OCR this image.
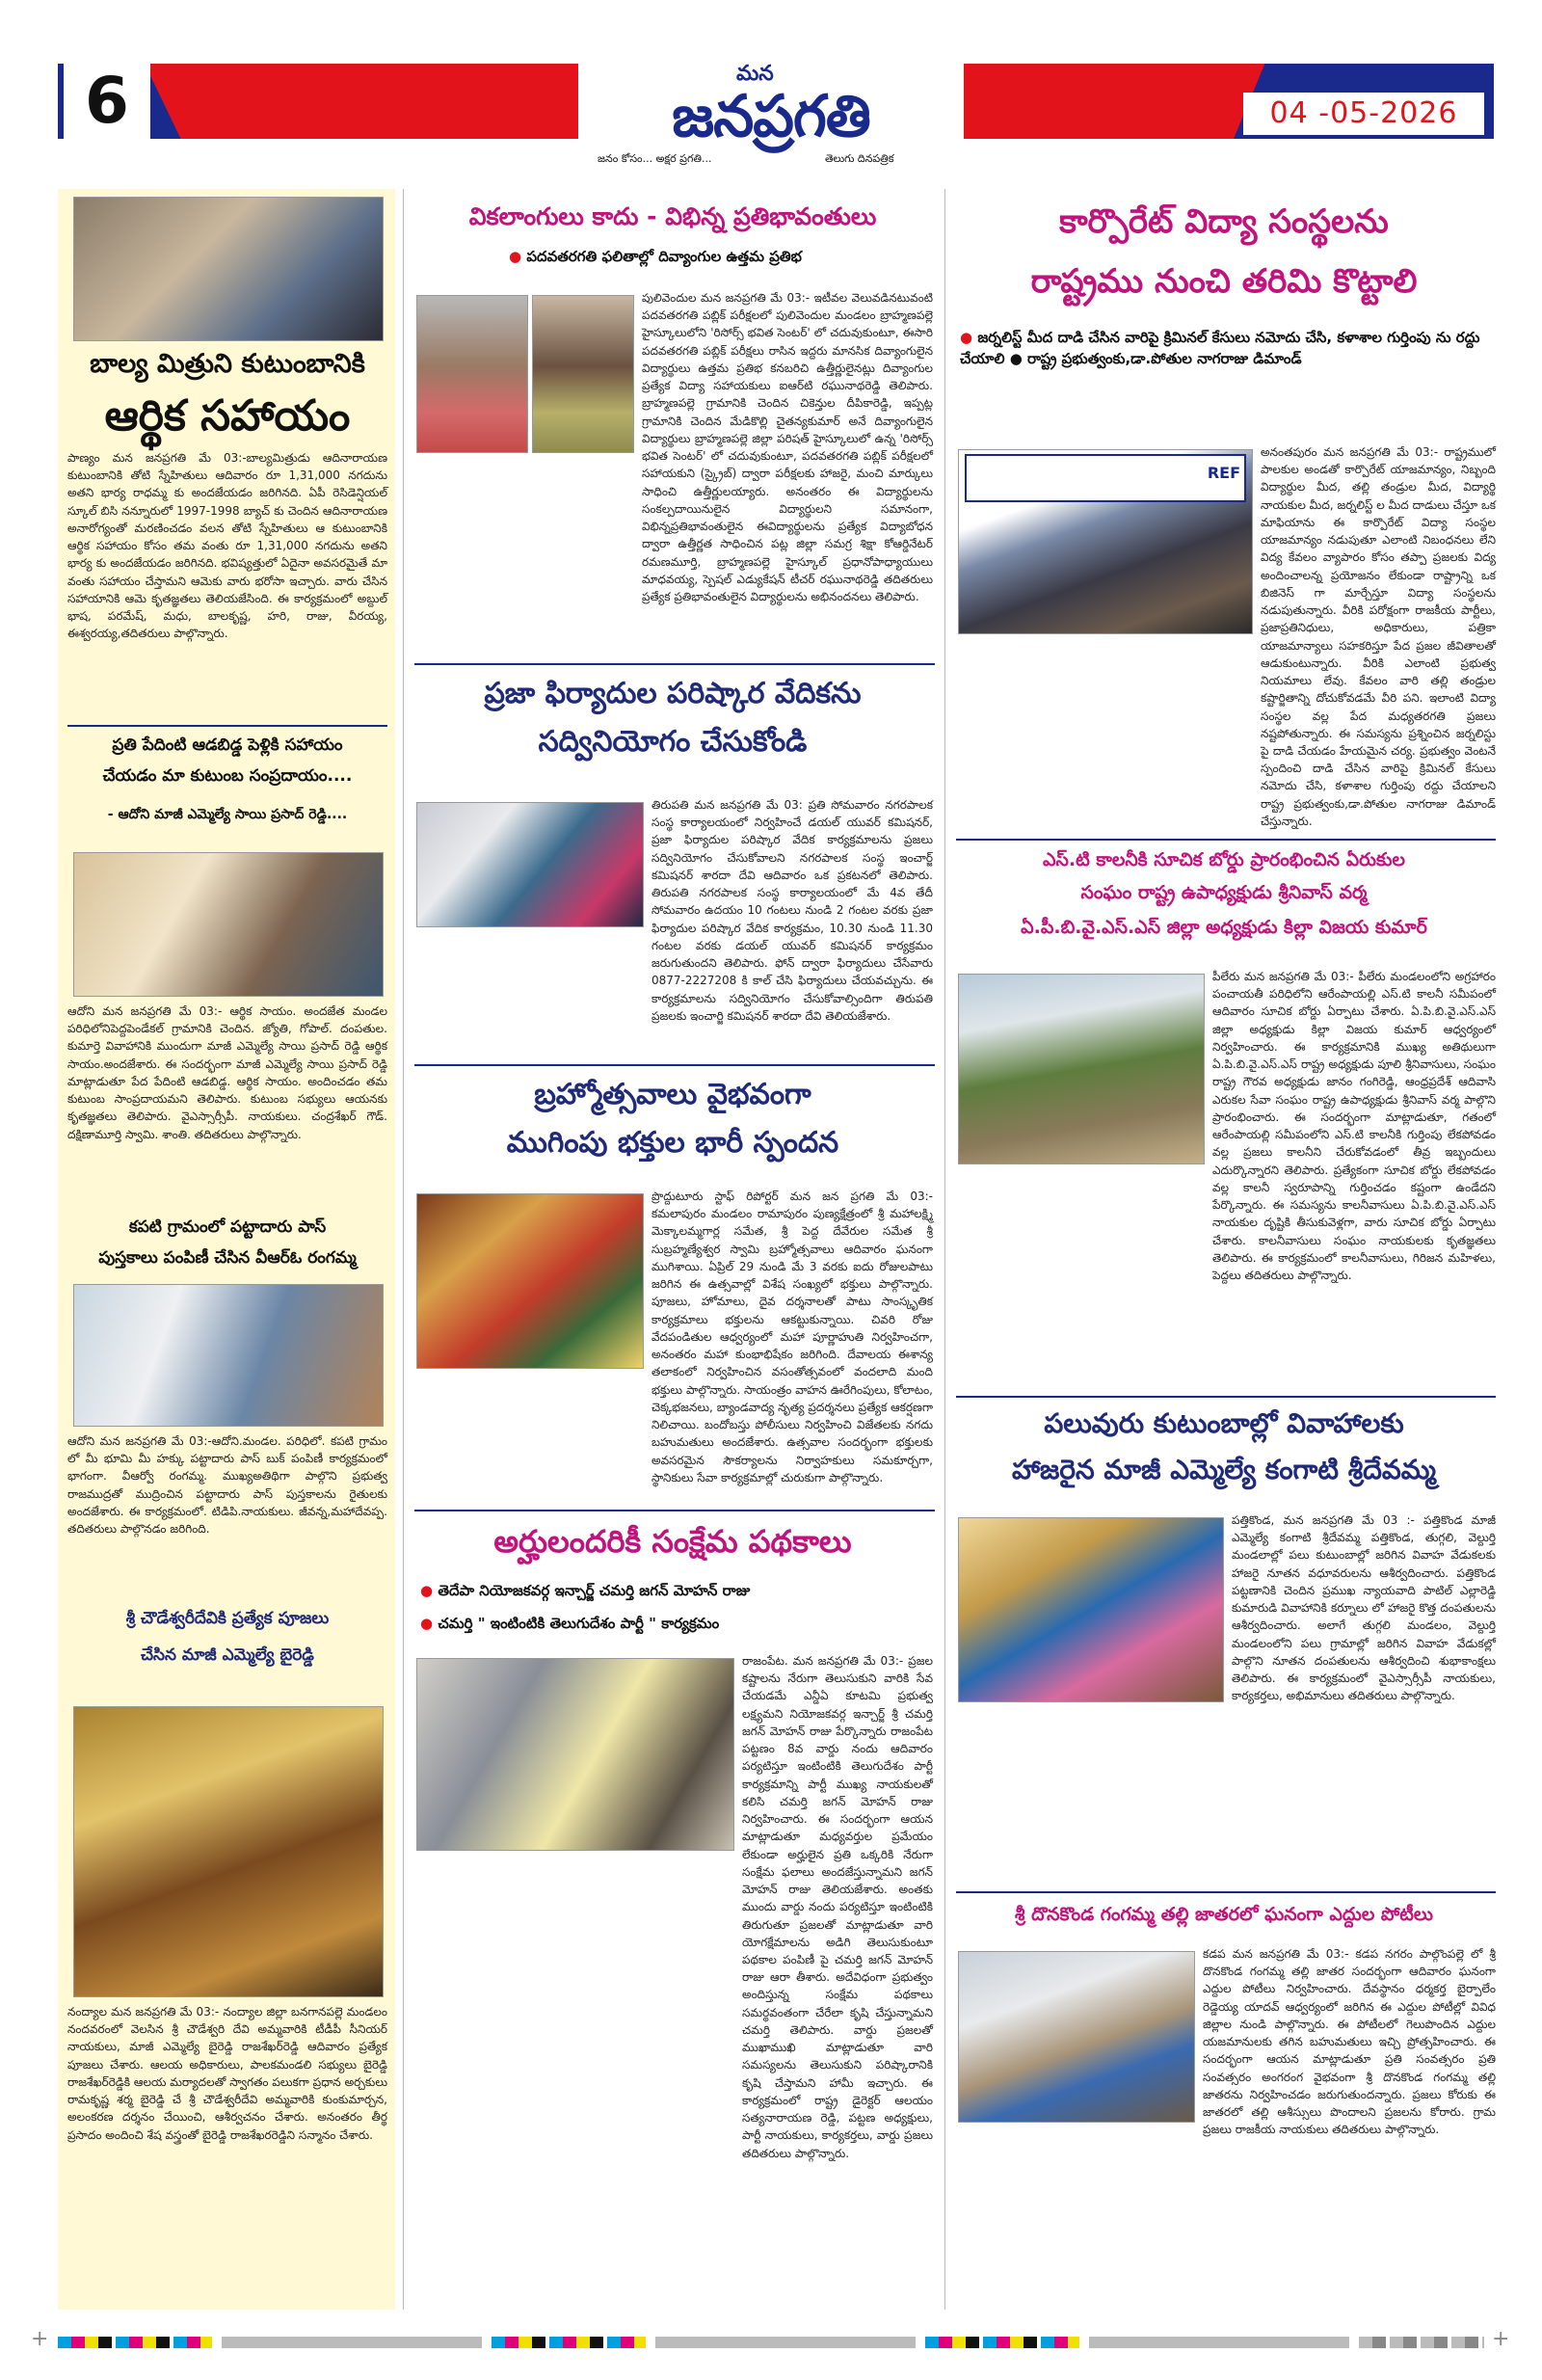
6	మన
జనప్రగతి
జనం కోసం... అక్షర ప్రగతి...	తెలుగు దినపత్రిక
04 -05-2026
బాల్య మిత్రుని కుటుంబానికి
ఆర్థిక సహాయం
పాణ్యం మన జనప్రగతి మే 03:-బాల్యమిత్రుడు ఆదినారాయణ కుటుంబానికి తోటి స్నేహితులు ఆదివారం రూ 1,31,000 నగదును అతని భార్య రాధమ్మ కు అందజేయడం జరిగినది. ఏపీ రెసిడెన్షియల్ స్కూల్ బిసి నన్నూరులో 1997-1998 బ్యాచ్ కు చెందిన ఆదినారాయణ అనారోగ్యంతో మరణించడం వలన తోటి స్నేహితులు ఆ కుటుంబానికి ఆర్థిక సహాయం కోసం తమ వంతు రూ 1,31,000 నగదును అతని భార్య కు అందజేయడం జరిగినది. భవిష్యత్తులో ఏదైనా అవసరమైతే మా వంతు సహాయం చేస్తామని ఆమెకు వారు భరోసా ఇచ్చారు. వారు చేసిన సహాయానికి ఆమె కృతజ్ఞతలు తెలియజేసింది. ఈ కార్యక్రమంలో అబ్దుల్ భాష, పరమేష్, మధు, బాలకృష్ణ, హరి, రాజు, వీరయ్య, ఈశ్వరయ్య,తదితరులు పాల్గొన్నారు.
ప్రతి పేదింటి ఆడబిడ్డ పెళ్లికి సహాయం
చేయడం మా కుటుంబ సంప్రదాయం....
- ఆదోని మాజీ ఎమ్మెల్యే సాయి ప్రసాద్ రెడ్డి....
ఆదోని మన జనప్రగతి మే 03:- ఆర్థిక సాయం. అందజేత మండల పరిధిలోనిపెద్దపెండేకల్ గ్రామానికి చెందిన. జ్యోతి, గోపాల్. దంపతుల. కుమార్తె వివాహానికి ముందుగా మాజీ ఎమ్మెల్యే సాయి ప్రసాద్ రెడ్డి ఆర్థిక సాయం.అందజేశారు. ఈ సందర్భంగా మాజీ ఎమ్మెల్యే సాయి ప్రసాద్ రెడ్డి మాట్లాడుతూ పేద పేదింటి ఆడబిడ్డ. ఆర్థిక సాయం. అందించడం తమ కుటుంబ సాంప్రదాయమని తెలిపారు. కుటుంబ సభ్యులు ఆయనకు కృతజ్ఞతలు తెలిపారు. వైఎస్సార్సీపీ. నాయకులు. చంద్రశేఖర్ గౌడ్. దక్షిణామూర్తి స్వామి. శాంతి. తదితరులు పాల్గొన్నారు.
కపటి గ్రామంలో పట్టాదారు పాస్
పుస్తకాలు పంపిణీ చేసిన వీఆర్ఓ రంగమ్మ
ఆదోని మన జనప్రగతి మే 03:-ఆదోని.మండల. పరిధిలో. కపటి గ్రామం లో మీ భూమి మీ హక్కు పట్టాదారు పాస్ బుక్ పంపిణీ కార్యక్రమంలో భాగంగా. వీఆర్వో రంగమ్మ. ముఖ్యఅతిథిగా పాల్గొని ప్రభుత్వ రాజముద్రతో ముద్రించిన పట్టాదారు పాస్ పుస్తకాలను రైతులకు అందజేశారు. ఈ కార్యక్రమంలో. టిడిపి.నాయకులు. జీవన్న,మహాదేవప్ప. తదితరులు పాల్గొనడం జరిగింది.
శ్రీ చౌడేశ్వరీదేవికి ప్రత్యేక పూజలు
చేసిన మాజీ ఎమ్మెల్యే బైరెడ్డి
నంద్యాల మన జనప్రగతి మే 03:- నంద్యాల జిల్లా బనగానపల్లె మండలం నందవరంలో వెలసిన శ్రీ చౌడేశ్వరి దేవి అమ్మవారికి టీడీపీ సీనియర్ నాయకులు, మాజీ ఎమ్మెల్యే బైరెడ్డి రాజశేఖర్‌రెడ్డి ఆదివారం ప్రత్యేక పూజలు చేశారు. ఆలయ అధికారులు, పాలకమండలి సభ్యులు బైరెడ్డి రాజశేఖర్‌రెడ్డికి ఆలయ మర్యాదలతో స్వాగతం పలుకగా ప్రధాన అర్చకులు రామకృష్ణ శర్మ బైరెడ్డి చే శ్రీ చౌడేశ్వరీదేవి అమ్మవారికి కుంకుమార్చన, అలంకరణ దర్శనం చేయించి, ఆశీర్వచనం చేశారు. అనంతరం తీర్థ ప్రసాదం అందించి శేష వస్త్రంతో బైరెడ్డి రాజశేఖరరెడ్డిని సన్మానం చేశారు.
వికలాంగులు కాదు - విభిన్న ప్రతిభావంతులు
● పదవతరగతి ఫలితాల్లో దివ్యాంగుల ఉత్తమ ప్రతిభ
పులివెందుల మన జనప్రగతి మే 03:- ఇటీవల వెలువడినటువంటి పదవతరగతి పబ్లిక్ పరీక్షలలో పులివెందుల మండలం బ్రాహ్మణపల్లె హైస్కూలులోని 'రిసోర్స్ భవిత సెంటర్' లో చదువుకుంటూ, ఈసారి పదవతరగతి పబ్లిక్ పరీక్షలు రాసిన ఇద్దరు మానసిక దివ్యాంగులైన విద్యార్థులు ఉత్తమ ప్రతిభ కనబరిచి ఉత్తీర్ణులైనట్లు దివ్యాంగుల ప్రత్యేక విద్యా సహాయకులు ఐఆర్‌టి రఘునాథరెడ్డి తెలిపారు. బ్రాహ్మణపల్లె గ్రామానికి చెందిన చికెన్తుల దీపికారెడ్డి, ఇప్పట్ల గ్రామానికి చెందిన మేడికొల్లి చైతన్యకుమార్ అనే దివ్యాంగులైన విద్యార్థులు బ్రాహ్మణపల్లె జిల్లా పరిషత్ హైస్కూలులో ఉన్న 'రిసోర్స్ భవిత సెంటర్' లో చదువుకుంటూ, పదవతరగతి పబ్లిక్ పరీక్షలలో సహాయకుని (స్క్రైబ్) ద్వారా పరీక్షలకు హాజరై, మంచి మార్కులు సాధించి ఉత్తీర్ణులయ్యారు. అనంతరం ఈ విద్యార్థులను సంకల్పదాయినులైన విద్యార్థులని సమానంగా, విభిన్నప్రతిభావంతులైన ఈవిద్యార్థులను ప్రత్యేక విద్యాబోధన ద్వారా ఉత్తీర్ణత సాధించిన పట్ల జిల్లా సమగ్ర శిక్షా కోఆర్డినేటర్ రమణమూర్తి, బ్రాహ్మణపల్లె హైస్కూల్ ప్రధానోపాధ్యాయులు మాధవయ్య, స్పెషల్ ఎడ్యుకేషన్ టీచర్ రఘునాథరెడ్డి తదితరులు ప్రత్యేక ప్రతిభావంతులైన విద్యార్థులను అభినందనలు తెలిపారు.
ప్రజా ఫిర్యాదుల పరిష్కార వేదికను
సద్వినియోగం చేసుకోండి
తిరుపతి మన జనప్రగతి మే 03: ప్రతి సోమవారం నగరపాలక సంస్థ కార్యాలయంలో నిర్వహించే డయల్ యువర్ కమిషనర్, ప్రజా ఫిర్యాదుల పరిష్కార వేదిక కార్యక్రమాలను ప్రజలు సద్వినియోగం చేసుకోవాలని నగరపాలక సంస్థ ఇంచార్జ్ కమిషనర్ శారదా దేవి ఆదివారం ఒక ప్రకటనలో తెలిపారు. తిరుపతి నగరపాలక సంస్థ కార్యాలయంలో మే 4వ తేదీ సోమవారం ఉదయం 10 గంటలు నుండి 2 గంటల వరకు ప్రజా ఫిర్యాదుల పరిష్కార వేదిక కార్యక్రమం, 10.30 నుండి 11.30 గంటల వరకు డయల్ యువర్ కమిషనర్ కార్యక్రమం జరుగుతుందని తెలిపారు. ఫోన్ ద్వారా ఫిర్యాదులు చేసేవారు 0877-2227208 కి కాల్ చేసి ఫిర్యాదులు చేయవచ్చును. ఈ కార్యక్రమాలను సద్వినియోగం చేసుకోవాల్సిందిగా తిరుపతి ప్రజలకు ఇంచార్జి కమిషనర్ శారదా దేవి తెలియజేశారు.
బ్రహ్మోత్సవాలు వైభవంగా
ముగింపు భక్తుల భారీ స్పందన
ప్రొద్దుటూరు స్టాఫ్ రిపోర్టర్ మన జన ప్రగతి మే 03:- కమలాపురం మండలం రామాపురం పుణ్యక్షేత్రంలో శ్రీ మహాలక్ష్మి మెక్కాలమ్మగార్ల సమేత, శ్రీ పెద్ద దేవేరుల సమేత శ్రీ సుబ్రహ్మణ్యేశ్వర స్వామి బ్రహ్మోత్సవాలు ఆదివారం ఘనంగా ముగిశాయి. ఏప్రిల్ 29 నుండి మే 3 వరకు ఐదు రోజులపాటు జరిగిన ఈ ఉత్సవాల్లో విశేష సంఖ్యలో భక్తులు పాల్గొన్నారు. పూజలు, హోమాలు, దైవ దర్శనాలతో పాటు సాంస్కృతిక కార్యక్రమాలు భక్తులను ఆకట్టుకున్నాయి. చివరి రోజు వేదపండితుల ఆధ్వర్యంలో మహా పూర్ణాహుతి నిర్వహించగా, అనంతరం మహా కుంభాభిషేకం జరిగింది. దేవాలయ ఈశాన్య తలాకంలో నిర్వహించిన వసంతోత్సవంలో వందలాది మంది భక్తులు పాల్గొన్నారు. సాయంత్రం వాహన ఊరేగింపులు, కోలాటం, చెక్కభజనలు, బ్యాండవాద్య నృత్య ప్రదర్శనలు ప్రత్యేక ఆకర్షణగా నిలిచాయి. బందోబస్తు పోలీసులు నిర్వహించి విజేతలకు నగదు బహుమతులు అందజేశారు. ఉత్సవాల సందర్భంగా భక్తులకు అవసరమైన సౌకర్యాలను నిర్వాహకులు సమకూర్చగా, స్థానికులు సేవా కార్యక్రమాల్లో చురుకుగా పాల్గొన్నారు.
అర్హులందరికీ సంక్షేమ పథకాలు
● తెదేపా నియోజకవర్గ ఇన్చార్జ్ చమర్తి జగన్ మోహన్ రాజు
● చమర్తి " ఇంటింటికి తెలుగుదేశం పార్టీ " కార్యక్రమం
రాజంపేట. మన జనప్రగతి మే 03:- ప్రజల కష్టాలను నేరుగా తెలుసుకుని వారికి సేవ చేయడమే ఎన్డీఏ కూటమి ప్రభుత్వ లక్ష్యమని నియోజకవర్గ ఇన్చార్జ్ శ్రీ చమర్తి జగన్ మోహన్ రాజు పేర్కొన్నారు రాజంపేట పట్టణం 8వ వార్డు నందు ఆదివారం పర్యటిస్తూ ఇంటింటికి తెలుగుదేశం పార్టీ కార్యక్రమాన్ని పార్టీ ముఖ్య నాయకులతో కలిసి చమర్తి జగన్ మోహన్ రాజు నిర్వహించారు. ఈ సందర్భంగా ఆయన మాట్లాడుతూ మధ్యవర్తుల ప్రమేయం లేకుండా అర్హులైన ప్రతి ఒక్కరికి నేరుగా సంక్షేమ ఫలాలు అందజేస్తున్నామని జగన్ మోహన్ రాజు తెలియజేశారు. అంతకు ముందు వార్డు నందు పర్యటిస్తూ ఇంటింటికి తిరుగుతూ ప్రజలతో మాట్లాడుతూ వారి యోగక్షేమాలను అడిగి తెలుసుకుంటూ పథకాల పంపిణీ పై చమర్తి జగన్ మోహన్ రాజు ఆరా తీశారు. అదేవిధంగా ప్రభుత్వం అందిస్తున్న సంక్షేమ పథకాలు సమర్థవంతంగా చేరేలా కృషి చేస్తున్నామని చమర్తి తెలిపారు. వార్డు ప్రజలతో ముఖాముఖి మాట్లాడుతూ వారి సమస్యలను తెలుసుకుని పరిష్కారానికి కృషి చేస్తామని హామీ ఇచ్చారు. ఈ కార్యక్రమంలో రాష్ట్ర డైరెక్టర్ ఆలయం సత్యనారాయణ రెడ్డి, పట్టణ అధ్యక్షులు, పార్టీ నాయకులు, కార్యకర్తలు, వార్డు ప్రజలు తదితరులు పాల్గొన్నారు.
కార్పొరేట్ విద్యా సంస్థలను
రాష్ట్రము నుంచి తరిమి కొట్టాలి
● జర్నలిస్ట్ మీద దాడి చేసిన వారిపై క్రిమినల్ కేసులు నమోదు చేసి, కళాశాల గుర్తింపు ను రద్దు చేయాలి ● రాష్ట్ర ప్రభుత్వంకు,డా.పోతుల నాగరాజు డిమాండ్
REF
అనంతపురం మన జనప్రగతి మే 03:- రాష్ట్రములో పాలకుల అండతో కార్పొరేట్ యాజమాన్యం, నిబ్బంది విద్యార్థుల మీద, తల్లి తండ్రుల మీద, విద్యార్థి నాయకుల మీద, జర్నలిస్ట్ ల మీద దాడులు చేస్తూ ఒక మాఫియాను ఈ కార్పొరేట్ విద్యా సంస్థల యాజమాన్యం నడుపుతూ ఎలాంటి నిబంధనలు లేని విద్య కేవలం వ్యాపారం కోసం తప్పా ప్రజలకు విద్య అందించాలన్న ప్రయోజనం లేకుండా రాష్ట్రాన్ని ఒక బిజినెస్ గా మార్చేస్తూ విద్యా సంస్థలను నడుపుతున్నారు. వీరికి పరోక్షంగా రాజకీయ పార్టీలు, ప్రజాప్రతినిధులు, అధికారులు, పత్రికా యాజమాన్యాలు సహకరిస్తూ పేద ప్రజల జీవితాలతో ఆడుకుంటున్నారు. వీరికి ఎలాంటి ప్రభుత్వ నియమాలు లేవు. కేవలం వారి తల్లి తండ్రుల కష్టార్జితాన్ని దోచుకోవడమే వీరి పని. ఇలాంటి విద్యా సంస్థల వల్ల పేద మధ్యతరగతి ప్రజలు నష్టపోతున్నారు. ఈ సమస్యను ప్రశ్నించిన జర్నలిస్టు పై దాడి చేయడం హేయమైన చర్య. ప్రభుత్వం వెంటనే స్పందించి దాడి చేసిన వారిపై క్రిమినల్ కేసులు నమోదు చేసి, కళాశాల గుర్తింపు రద్దు చేయాలని రాష్ట్ర ప్రభుత్వంకు,డా.పోతుల నాగరాజు డిమాండ్ చేస్తున్నారు.
ఎస్.టి కాలనీకి సూచిక బోర్డు ప్రారంభించిన ఏరుకుల
సంఘం రాష్ట్ర ఉపాధ్యక్షుడు శ్రీనివాస్ వర్మ
ఏ.పీ.బి.వై.ఎస్.ఎస్ జిల్లా అధ్యక్షుడు కిల్లా విజయ కుమార్
పీలేరు మన జనప్రగతి మే 03:- పీలేరు మండలంలోని అగ్రహారం పంచాయతీ పరిధిలోని ఆరేంపాయల్లి ఎస్.టి కాలనీ సమీపంలో ఆదివారం సూచిక బోర్డు ఏర్పాటు చేశారు. ఏ.పి.బి.వై.ఎస్.ఎస్ జిల్లా అధ్యక్షుడు కిల్లా విజయ కుమార్ ఆధ్వర్యంలో నిర్వహించారు. ఈ కార్యక్రమానికి ముఖ్య అతిథులుగా ఏ.పి.బి.వై.ఎస్.ఎస్ రాష్ట్ర అధ్యక్షుడు పూలి శ్రీనివాసులు, సంఘం రాష్ట్ర గౌరవ అధ్యక్షుడు జానం గంగిరెడ్డి, ఆంధ్రప్రదేశ్ ఆదివాసి ఎరుకల సేవా సంఘం రాష్ట్ర ఉపాధ్యక్షుడు శ్రీనివాస్ వర్మ పాల్గొని ప్రారంభించారు. ఈ సందర్భంగా మాట్లాడుతూ, గతంలో ఆరేంపాయల్లి సమీపంలోని ఎస్.టి కాలనీకి గుర్తింపు లేకపోవడం వల్ల ప్రజలు కాలనీని చేరుకోవడంలో తీవ్ర ఇబ్బందులు ఎదుర్కొన్నారని తెలిపారు. ప్రత్యేకంగా సూచిక బోర్డు లేకపోవడం వల్ల కాలనీ స్వరూపాన్ని గుర్తించడం కష్టంగా ఉండేదని పేర్కొన్నారు. ఈ సమస్యను కాలనీవాసులు ఏ.పి.బి.వై.ఎస్.ఎస్ నాయకుల దృష్టికి తీసుకువెళ్లగా, వారు సూచిక బోర్డు ఏర్పాటు చేశారు. కాలనీవాసులు సంఘం నాయకులకు కృతజ్ఞతలు తెలిపారు. ఈ కార్యక్రమంలో కాలనీవాసులు, గిరిజన మహిళలు, పెద్దలు తదితరులు పాల్గొన్నారు.
పలువురు కుటుంబాల్లో వివాహాలకు
హాజరైన మాజీ ఎమ్మెల్యే కంగాటి శ్రీదేవమ్మ
పత్తికొండ, మన జనప్రగతి మే 03 :- పత్తికొండ మాజీ ఎమ్మెల్యే కంగాటి శ్రీదేవమ్మ పత్తికొండ, తుగ్గలి, వెల్దుర్తి మండలాల్లో పలు కుటుంబాల్లో జరిగిన వివాహ వేడుకలకు హాజరై నూతన వధూవరులను ఆశీర్వదించారు. పత్తికొండ పట్టణానికి చెందిన ప్రముఖ న్యాయవాది పాటిల్ ఎల్లారెడ్డి కుమారుడి వివాహానికి కర్నూలు లో హాజరై కొత్త దంపతులను ఆశీర్వదించారు. అలాగే తుగ్గలి మండలం, వెల్దుర్తి మండలంలోని పలు గ్రామాల్లో జరిగిన వివాహ వేడుకల్లో పాల్గొని నూతన దంపతులను ఆశీర్వదించి శుభాకాంక్షలు తెలిపారు. ఈ కార్యక్రమంలో వైఎస్సార్సీపీ నాయకులు, కార్యకర్తలు, అభిమానులు తదితరులు పాల్గొన్నారు.
శ్రీ దొనకొండ గంగమ్మ తల్లి జాతరలో ఘనంగా ఎద్దుల పోటీలు
కడప మన జనప్రగతి మే 03:- కడప నగరం పాల్గొంపల్లె లో శ్రీ దొనకొండ గంగమ్మ తల్లి జాతర సందర్భంగా ఆదివారం ఘనంగా ఎద్దుల పోటీలు నిర్వహించారు. దేవస్థానం ధర్మకర్త బైర్పాలేం రెడ్డెయ్య యాదవ్ ఆధ్వర్యంలో జరిగిన ఈ ఎద్దుల పోటీల్లో వివిధ జిల్లాల నుండి పాల్గొన్నారు. ఈ పోటీలలో గెలుపొందిన ఎద్దుల యజమానులకు తగిన బహుమతులు ఇచ్చి ప్రోత్సహించారు. ఈ సందర్భంగా ఆయన మాట్లాడుతూ ప్రతి సంవత్సరం ప్రతి సంవత్సరం అంగరంగ వైభవంగా శ్రీ దొనకొండ గంగమ్మ తల్లి జాతరను నిర్వహించడం జరుగుతుందన్నారు. ప్రజలు కోరుకు ఈ జాతరలో తల్లి ఆశీస్సులు పొందాలని ప్రజలను కోరారు. గ్రామ ప్రజలు రాజకీయ నాయకులు తదితరులు పాల్గొన్నారు.
+	+
